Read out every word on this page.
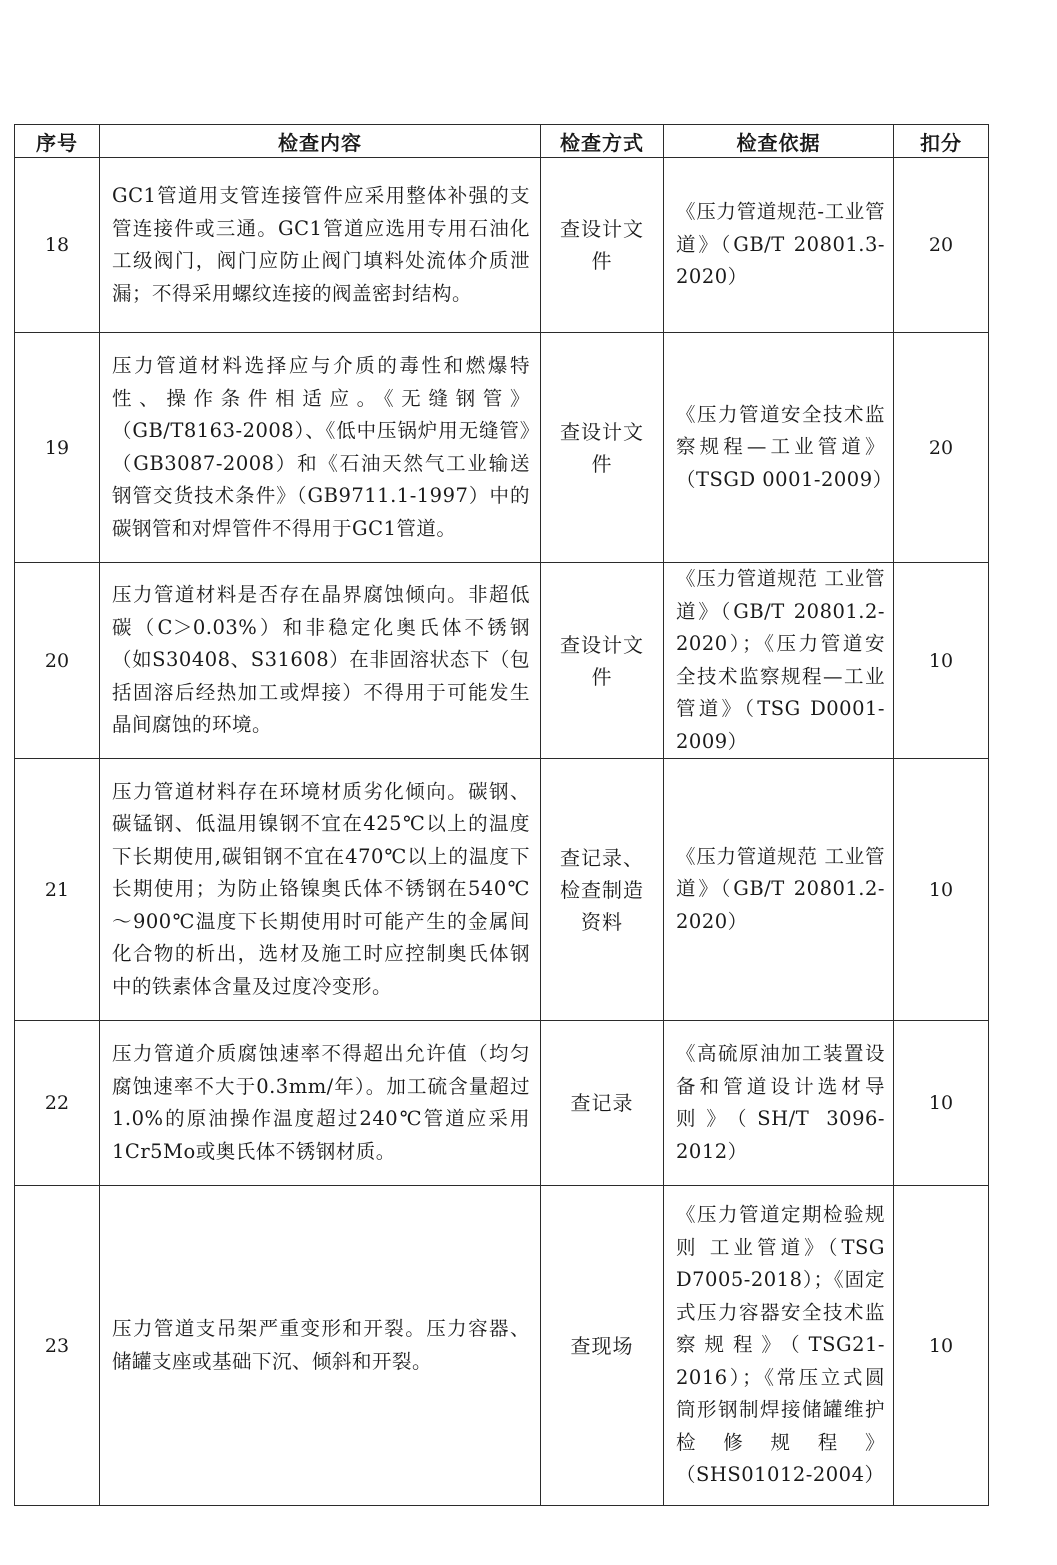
序号	检查内容	检查方式	检查依据	扣分
18	GC1管道用支管连接管件应采用整体补强的支管连接件或三通。GC1管道应选用专用石油化工级阀门，阀门应防止阀门填料处流体介质泄漏；不得采用螺纹连接的阀盖密封结构。	查设计文件	《压力管道规范-工业管道》（GB/T 20801.3-2020）	20
19	压力管道材料选择应与介质的毒性和燃爆特性、操作条件相适应。《无缝钢管》（GB/T8163-2008）、《低中压锅炉用无缝管》（GB3087-2008）和《石油天然气工业输送钢管交货技术条件》（GB9711.1-1997）中的碳钢管和对焊管件不得用于GC1管道。	查设计文件	《压力管道安全技术监察规程—工业管道》（TSGD 0001-2009）	20
20	压力管道材料是否存在晶界腐蚀倾向。非超低碳（C＞0.03%）和非稳定化奥氏体不锈钢（如S30408、S31608）在非固溶状态下（包括固溶后经热加工或焊接）不得用于可能发生晶间腐蚀的环境。	查设计文件	《压力管道规范 工业管道》（GB/T 20801.2-2020）；《压力管道安全技术监察规程—工业管道》（TSG D0001-2009）	10
21	压力管道材料存在环境材质劣化倾向。碳钢、碳锰钢、低温用镍钢不宜在425℃以上的温度下长期使用,碳钼钢不宜在470℃以上的温度下长期使用；为防止铬镍奥氏体不锈钢在540℃～900℃温度下长期使用时可能产生的金属间化合物的析出，选材及施工时应控制奥氏体钢中的铁素体含量及过度冷变形。	查记录、检查制造资料	《压力管道规范 工业管道》（GB/T 20801.2-2020）	10
22	压力管道介质腐蚀速率不得超出允许值（均匀腐蚀速率不大于0.3mm/年）。加工硫含量超过1.0%的原油操作温度超过240℃管道应采用1Cr5Mo或奥氏体不锈钢材质。	查记录	《高硫原油加工装置设备和管道设计选材导则》（SH/T 3096-2012）	10
23	压力管道支吊架严重变形和开裂。压力容器、储罐支座或基础下沉、倾斜和开裂。	查现场	《压力管道定期检验规则 工业管道》（TSG D7005-2018）；《固定式压力容器安全技术监察规程》（TSG21-2016）；《常压立式圆筒形钢制焊接储罐维护检修规程》（SHS01012-2004）	10
